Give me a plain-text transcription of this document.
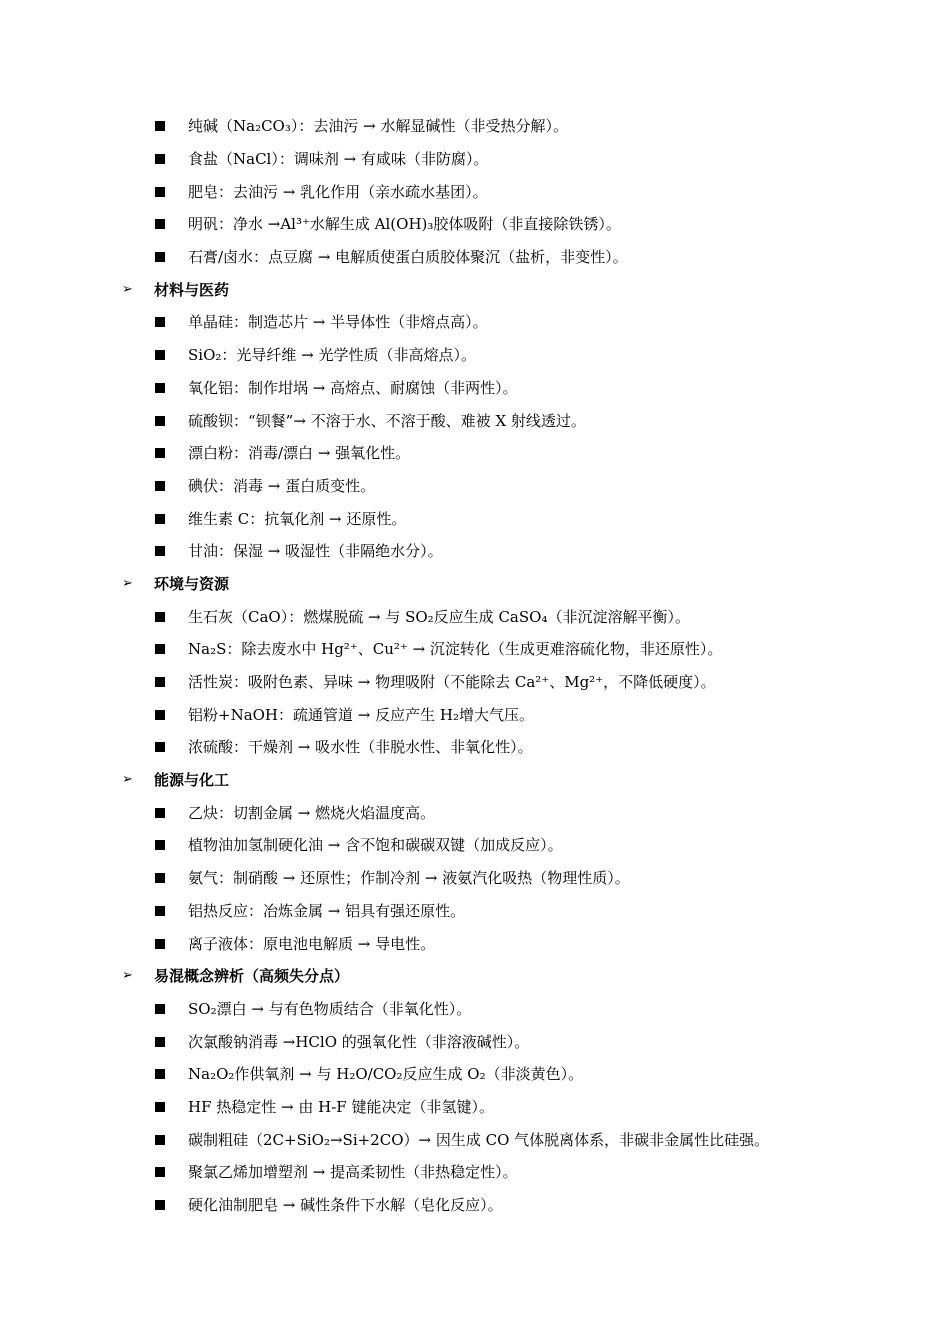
纯碱（Na₂CO₃）：去油污 → 水解显碱性（非受热分解）。
食盐（NaCl）：调味剂 → 有咸味（非防腐）。
肥皂：去油污 → 乳化作用（亲水疏水基团）。
明矾：净水 →Al³⁺水解生成 Al(OH)₃胶体吸附（非直接除铁锈）。
石膏/卤水：点豆腐 → 电解质使蛋白质胶体聚沉（盐析，非变性）。
➢	材料与医药
单晶硅：制造芯片 → 半导体性（非熔点高）。
SiO₂：光导纤维 → 光学性质（非高熔点）。
氧化铝：制作坩埚 → 高熔点、耐腐蚀（非两性）。
硫酸钡：“钡餐”→ 不溶于水、不溶于酸、难被 X 射线透过。
漂白粉：消毒/漂白 → 强氧化性。
碘伏：消毒 → 蛋白质变性。
维生素 C：抗氧化剂 → 还原性。
甘油：保湿 → 吸湿性（非隔绝水分）。
➢	环境与资源
生石灰（CaO）：燃煤脱硫 → 与 SO₂反应生成 CaSO₄（非沉淀溶解平衡）。
Na₂S：除去废水中 Hg²⁺、Cu²⁺ → 沉淀转化（生成更难溶硫化物，非还原性）。
活性炭：吸附色素、异味 → 物理吸附（不能除去 Ca²⁺、Mg²⁺，不降低硬度）。
铝粉+NaOH：疏通管道 → 反应产生 H₂增大气压。
浓硫酸：干燥剂 → 吸水性（非脱水性、非氧化性）。
➢	能源与化工
乙炔：切割金属 → 燃烧火焰温度高。
植物油加氢制硬化油 → 含不饱和碳碳双键（加成反应）。
氨气：制硝酸 → 还原性；作制冷剂 → 液氨汽化吸热（物理性质）。
铝热反应：冶炼金属 → 铝具有强还原性。
离子液体：原电池电解质 → 导电性。
➢	易混概念辨析（高频失分点）
SO₂漂白 → 与有色物质结合（非氧化性）。
次氯酸钠消毒 →HClO 的强氧化性（非溶液碱性）。
Na₂O₂作供氧剂 → 与 H₂O/CO₂反应生成 O₂（非淡黄色）。
HF 热稳定性 → 由 H-F 键能决定（非氢键）。
碳制粗硅（2C+SiO₂→Si+2CO）→ 因生成 CO 气体脱离体系，非碳非金属性比硅强。
聚氯乙烯加增塑剂 → 提高柔韧性（非热稳定性）。
硬化油制肥皂 → 碱性条件下水解（皂化反应）。
